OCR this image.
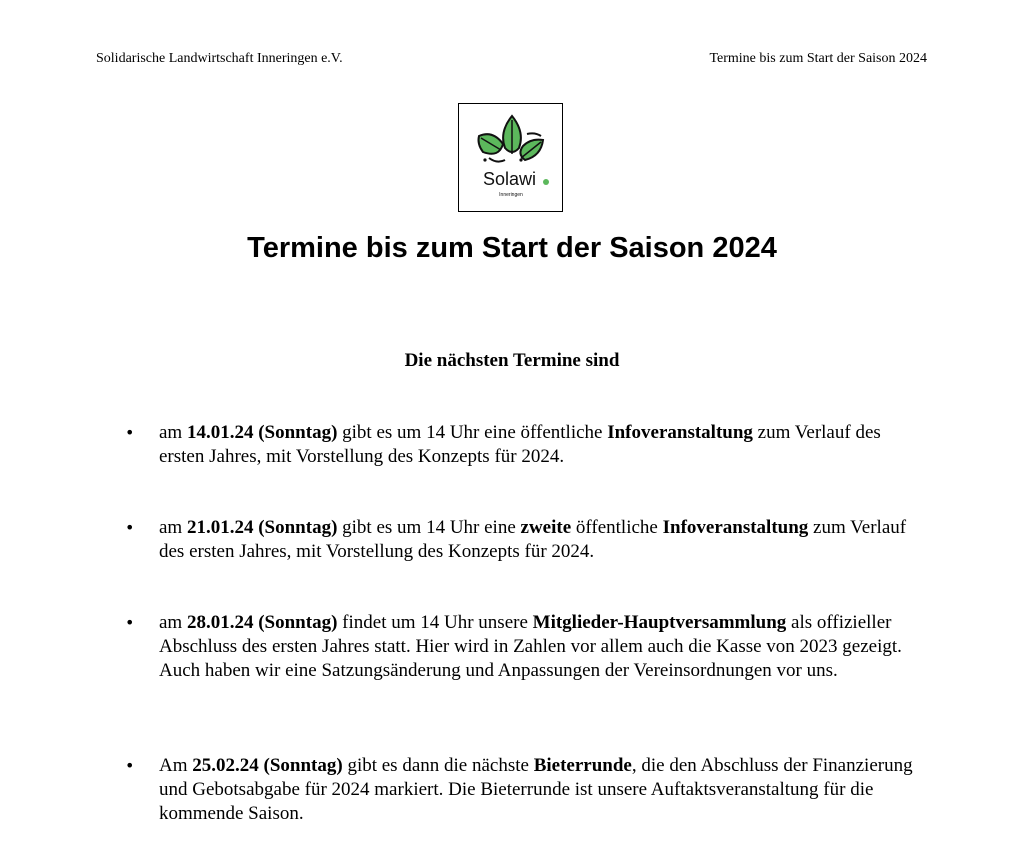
Solidarische Landwirtschaft Inneringen e.V.	Termine bis zum Start der Saison 2024
Solawi
Inneringen
Termine bis zum Start der Saison 2024
Die nächsten Termine sind
• am 14.01.24 (Sonntag) gibt es um 14 Uhr eine öffentliche Infoveranstaltung zum Verlauf des ersten Jahres, mit Vorstellung des Konzepts für 2024.
• am 21.01.24 (Sonntag) gibt es um 14 Uhr eine zweite öffentliche Infoveranstaltung zum Verlauf des ersten Jahres, mit Vorstellung des Konzepts für 2024.
• am 28.01.24 (Sonntag) findet um 14 Uhr unsere Mitglieder-Hauptversammlung als offizieller Abschluss des ersten Jahres statt. Hier wird in Zahlen vor allem auch die Kasse von 2023 gezeigt. Auch haben wir eine Satzungsänderung und Anpassungen der Vereinsordnungen vor uns.
• Am 25.02.24 (Sonntag) gibt es dann die nächste Bieterrunde, die den Abschluss der Finanzierung und Gebotsabgabe für 2024 markiert. Die Bieterrunde ist unsere Auftaktsveranstaltung für die kommende Saison.
